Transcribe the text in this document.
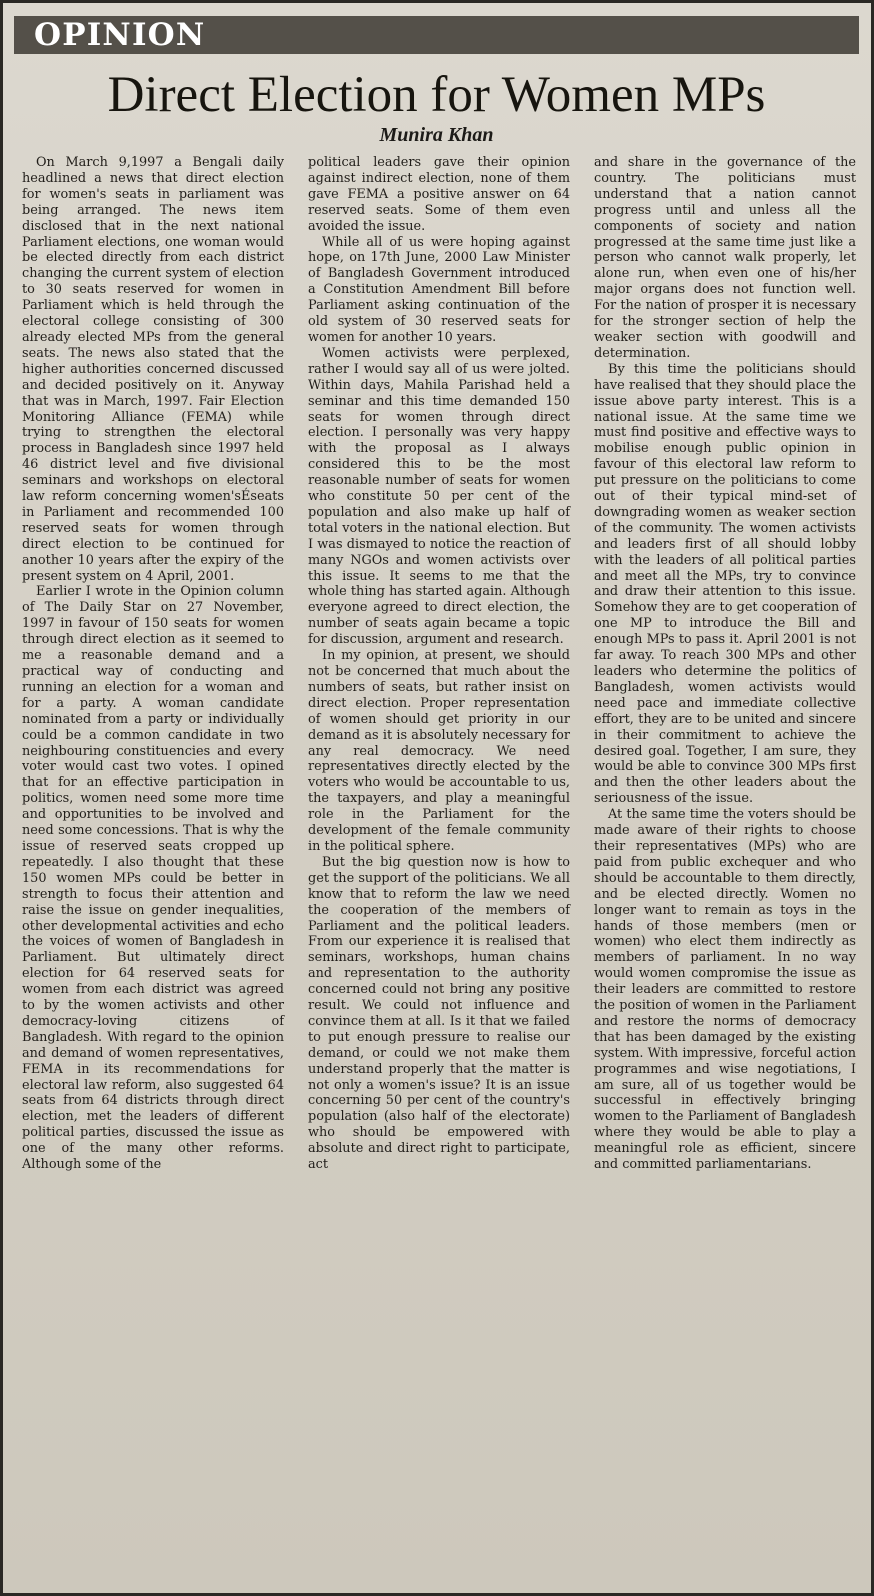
OPINION
Direct Election for Women MPs
Munira Khan

On March 9,1997 a Bengali daily headlined a news that direct election for women's seats in parliament was being arranged. The news item disclosed that in the next national Parliament elections, one woman would be elected directly from each district changing the current system of election to 30 seats reserved for women in Parliament which is held through the electoral college consisting of 300 already elected MPs from the general seats. The news also stated that the higher authorities concerned discussed and decided positively on it. Anyway that was in March, 1997. Fair Election Monitoring Alliance (FEMA) while trying to strengthen the electoral process in Bangladesh since 1997 held 46 district level and five divisional seminars and workshops on electoral law reform concerning women'sÉseats in Parliament and recommended 100 reserved seats for women through direct election to be continued for another 10 years after the expiry of the present system on 4 April, 2001.

Earlier I wrote in the Opinion column of The Daily Star on 27 November, 1997 in favour of 150 seats for women through direct election as it seemed to me a reasonable demand and a practical way of conducting and running an election for a woman and for a party. A woman candidate nominated from a party or individually could be a common candidate in two neighbouring constituencies and every voter would cast two votes. I opined that for an effective participation in politics, women need some more time and opportunities to be involved and need some concessions. That is why the issue of reserved seats cropped up repeatedly. I also thought that these 150 women MPs could be better in strength to focus their attention and raise the issue on gender inequalities, other developmental activities and echo the voices of women of Bangladesh in Parliament. But ultimately direct election for 64 reserved seats for women from each district was agreed to by the women activists and other democracy-loving citizens of Bangladesh. With regard to the opinion and demand of women representatives, FEMA in its recommendations for electoral law reform, also suggested 64 seats from 64 districts through direct election, met the leaders of different political parties, discussed the issue as one of the many other reforms. Although some of the

political leaders gave their opinion against indirect election, none of them gave FEMA a positive answer on 64 reserved seats. Some of them even avoided the issue.

While all of us were hoping against hope, on 17th June, 2000 Law Minister of Bangladesh Government introduced a Constitution Amendment Bill before Parliament asking continuation of the old system of 30 reserved seats for women for another 10 years.

Women activists were perplexed, rather I would say all of us were jolted. Within days, Mahila Parishad held a seminar and this time demanded 150 seats for women through direct election. I personally was very happy with the proposal as I always considered this to be the most reasonable number of seats for women who constitute 50 per cent of the population and also make up half of total voters in the national election. But I was dismayed to notice the reaction of many NGOs and women activists over this issue. It seems to me that the whole thing has started again. Although everyone agreed to direct election, the number of seats again became a topic for discussion, argument and research.

In my opinion, at present, we should not be concerned that much about the numbers of seats, but rather insist on direct election. Proper representation of women should get priority in our demand as it is absolutely necessary for any real democracy. We need representatives directly elected by the voters who would be accountable to us, the taxpayers, and play a meaningful role in the Parliament for the development of the female community in the political sphere.

But the big question now is how to get the support of the politicians. We all know that to reform the law we need the cooperation of the members of Parliament and the political leaders. From our experience it is realised that seminars, workshops, human chains and representation to the authority concerned could not bring any positive result. We could not influence and convince them at all. Is it that we failed to put enough pressure to realise our demand, or could we not make them understand properly that the matter is not only a women's issue? It is an issue concerning 50 per cent of the country's population (also half of the electorate) who should be empowered with absolute and direct right to participate, act

and share in the governance of the country. The politicians must understand that a nation cannot progress until and unless all the components of society and nation progressed at the same time just like a person who cannot walk properly, let alone run, when even one of his/her major organs does not function well. For the nation of prosper it is necessary for the stronger section of help the weaker section with goodwill and determination.

By this time the politicians should have realised that they should place the issue above party interest. This is a national issue. At the same time we must find positive and effective ways to mobilise enough public opinion in favour of this electoral law reform to put pressure on the politicians to come out of their typical mind-set of downgrading women as weaker section of the community. The women activists and leaders first of all should lobby with the leaders of all political parties and meet all the MPs, try to convince and draw their attention to this issue. Somehow they are to get cooperation of one MP to introduce the Bill and enough MPs to pass it. April 2001 is not far away. To reach 300 MPs and other leaders who determine the politics of Bangladesh, women activists would need pace and immediate collective effort, they are to be united and sincere in their commitment to achieve the desired goal. Together, I am sure, they would be able to convince 300 MPs first and then the other leaders about the seriousness of the issue.

At the same time the voters should be made aware of their rights to choose their representatives (MPs) who are paid from public exchequer and who should be accountable to them directly, and be elected directly. Women no longer want to remain as toys in the hands of those members (men or women) who elect them indirectly as members of parliament. In no way would women compromise the issue as their leaders are committed to restore the position of women in the Parliament and restore the norms of democracy that has been damaged by the existing system. With impressive, forceful action programmes and wise negotiations, I am sure, all of us together would be successful in effectively bringing women to the Parliament of Bangladesh where they would be able to play a meaningful role as efficient, sincere and committed parliamentarians.
